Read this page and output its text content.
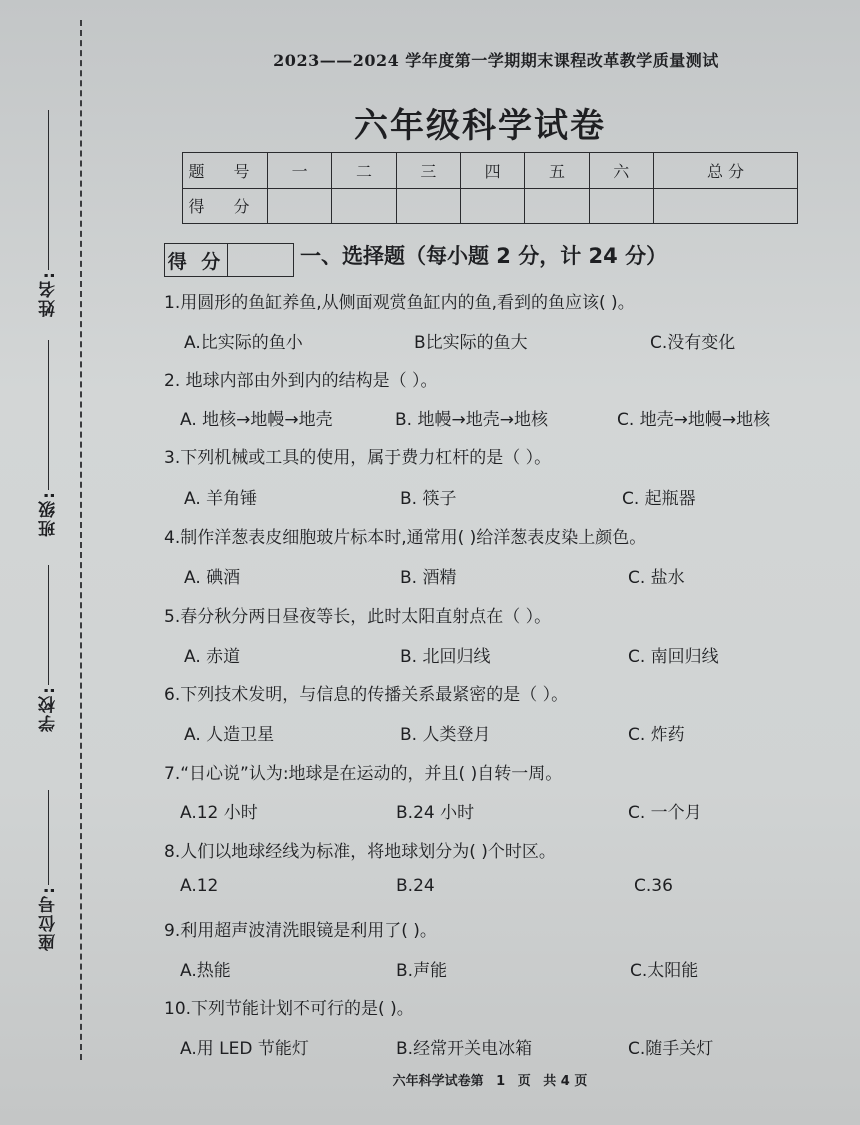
姓名:
班级:
学校:
座位号:
2023——2024 学年度第一学期期末课程改革教学质量测试
六年级科学试卷
题 号	一	二	三	四	五	六	总 分
得 分							
得 分	一、选择题（每小题 2 分，计 24 分）
1.用圆形的鱼缸养鱼,从侧面观赏鱼缸内的鱼,看到的鱼应该( )。
A.比实际的鱼小	B比实际的鱼大	C.没有变化
2. 地球内部由外到内的结构是（ ）。
A. 地核→地幔→地壳	B. 地幔→地壳→地核	C. 地壳→地幔→地核
3.下列机械或工具的使用，属于费力杠杆的是（ ）。
A. 羊角锤	B. 筷子	C. 起瓶器
4.制作洋葱表皮细胞玻片标本时,通常用( )给洋葱表皮染上颜色。
A. 碘酒	B. 酒精	C. 盐水
5.春分秋分两日昼夜等长，此时太阳直射点在（ ）。
A. 赤道	B. 北回归线	C. 南回归线
6.下列技术发明，与信息的传播关系最紧密的是（ ）。
A. 人造卫星	B. 人类登月	C. 炸药
7.“日心说”认为:地球是在运动的，并且( )自转一周。
A.12 小时	B.24 小时	C. 一个月
8.人们以地球经线为标准，将地球划分为( )个时区。
A.12	B.24	C.36
9.利用超声波清洗眼镜是利用了( )。
A.热能	B.声能	C.太阳能
10.下列节能计划不可行的是( )。
A.用 LED 节能灯	B.经常开关电冰箱	C.随手关灯
六年科学试卷第 1 页 共 4 页
